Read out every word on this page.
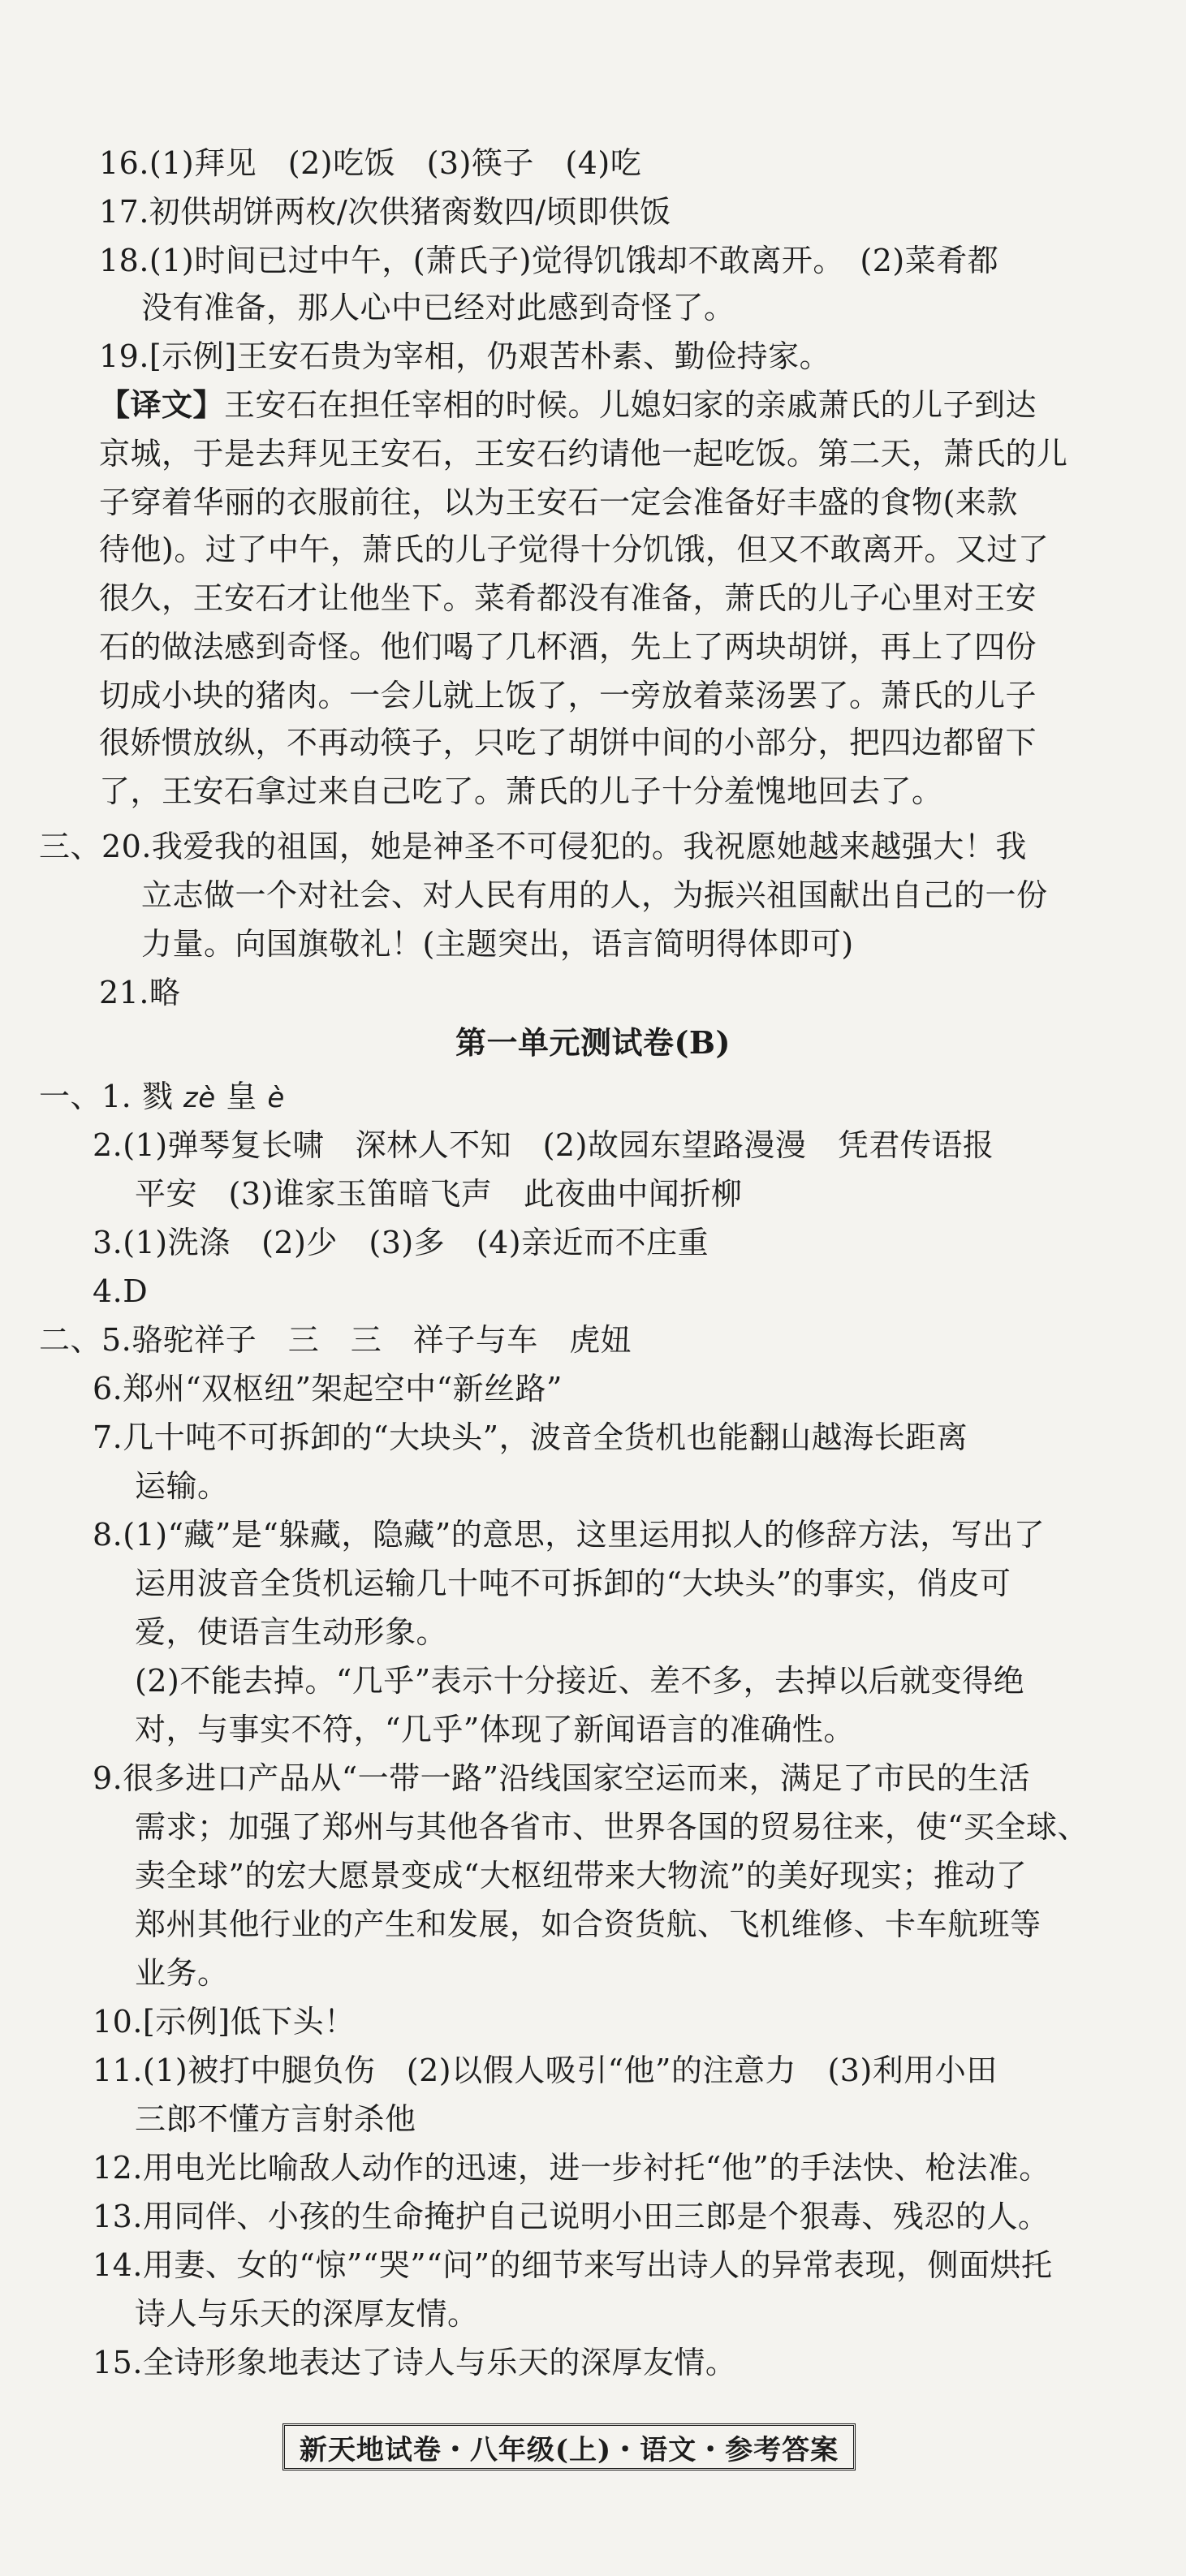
16.(1)拜见　(2)吃饭　(3)筷子　(4)吃
17.初供胡饼两枚/次供猪脔数四/顷即供饭
18.(1)时间已过中午，(萧氏子)觉得饥饿却不敢离开。　(2)菜肴都
没有准备，那人心中已经对此感到奇怪了。
19.[示例]王安石贵为宰相，仍艰苦朴素、勤俭持家。
【译文】王安石在担任宰相的时候。儿媳妇家的亲戚萧氏的儿子到达
京城，于是去拜见王安石，王安石约请他一起吃饭。第二天，萧氏的儿
子穿着华丽的衣服前往，以为王安石一定会准备好丰盛的食物(来款
待他)。过了中午，萧氏的儿子觉得十分饥饿，但又不敢离开。又过了
很久，王安石才让他坐下。菜肴都没有准备，萧氏的儿子心里对王安
石的做法感到奇怪。他们喝了几杯酒，先上了两块胡饼，再上了四份
切成小块的猪肉。一会儿就上饭了，一旁放着菜汤罢了。萧氏的儿子
很娇惯放纵，不再动筷子，只吃了胡饼中间的小部分，把四边都留下
了，王安石拿过来自己吃了。萧氏的儿子十分羞愧地回去了。
三、20.我爱我的祖国，她是神圣不可侵犯的。我祝愿她越来越强大！我
立志做一个对社会、对人民有用的人，为振兴祖国献出自己的一份
力量。向国旗敬礼！(主题突出，语言简明得体即可)
21.略
第一单元测试卷(B)
一、1. 戮 zè 皇 è
2.(1)弹琴复长啸　深林人不知　(2)故园东望路漫漫　凭君传语报
平安　(3)谁家玉笛暗飞声　此夜曲中闻折柳
3.(1)洗涤　(2)少　(3)多　(4)亲近而不庄重
4.D
二、5.骆驼祥子　三　三　祥子与车　虎妞
6.郑州“双枢纽”架起空中“新丝路”
7.几十吨不可拆卸的“大块头”，波音全货机也能翻山越海长距离
运输。
8.(1)“藏”是“躲藏，隐藏”的意思，这里运用拟人的修辞方法，写出了
运用波音全货机运输几十吨不可拆卸的“大块头”的事实，俏皮可
爱，使语言生动形象。
(2)不能去掉。“几乎”表示十分接近、差不多，去掉以后就变得绝
对，与事实不符，“几乎”体现了新闻语言的准确性。
9.很多进口产品从“一带一路”沿线国家空运而来，满足了市民的生活
需求；加强了郑州与其他各省市、世界各国的贸易往来，使“买全球、
卖全球”的宏大愿景变成“大枢纽带来大物流”的美好现实；推动了
郑州其他行业的产生和发展，如合资货航、飞机维修、卡车航班等
业务。
10.[示例]低下头！
11.(1)被打中腿负伤　(2)以假人吸引“他”的注意力　(3)利用小田
三郎不懂方言射杀他
12.用电光比喻敌人动作的迅速，进一步衬托“他”的手法快、枪法准。
13.用同伴、小孩的生命掩护自己说明小田三郎是个狠毒、残忍的人。
14.用妻、女的“惊”“哭”“问”的细节来写出诗人的异常表现，侧面烘托
诗人与乐天的深厚友情。
15.全诗形象地表达了诗人与乐天的深厚友情。
新天地试卷・八年级(上)・语文・参考答案
